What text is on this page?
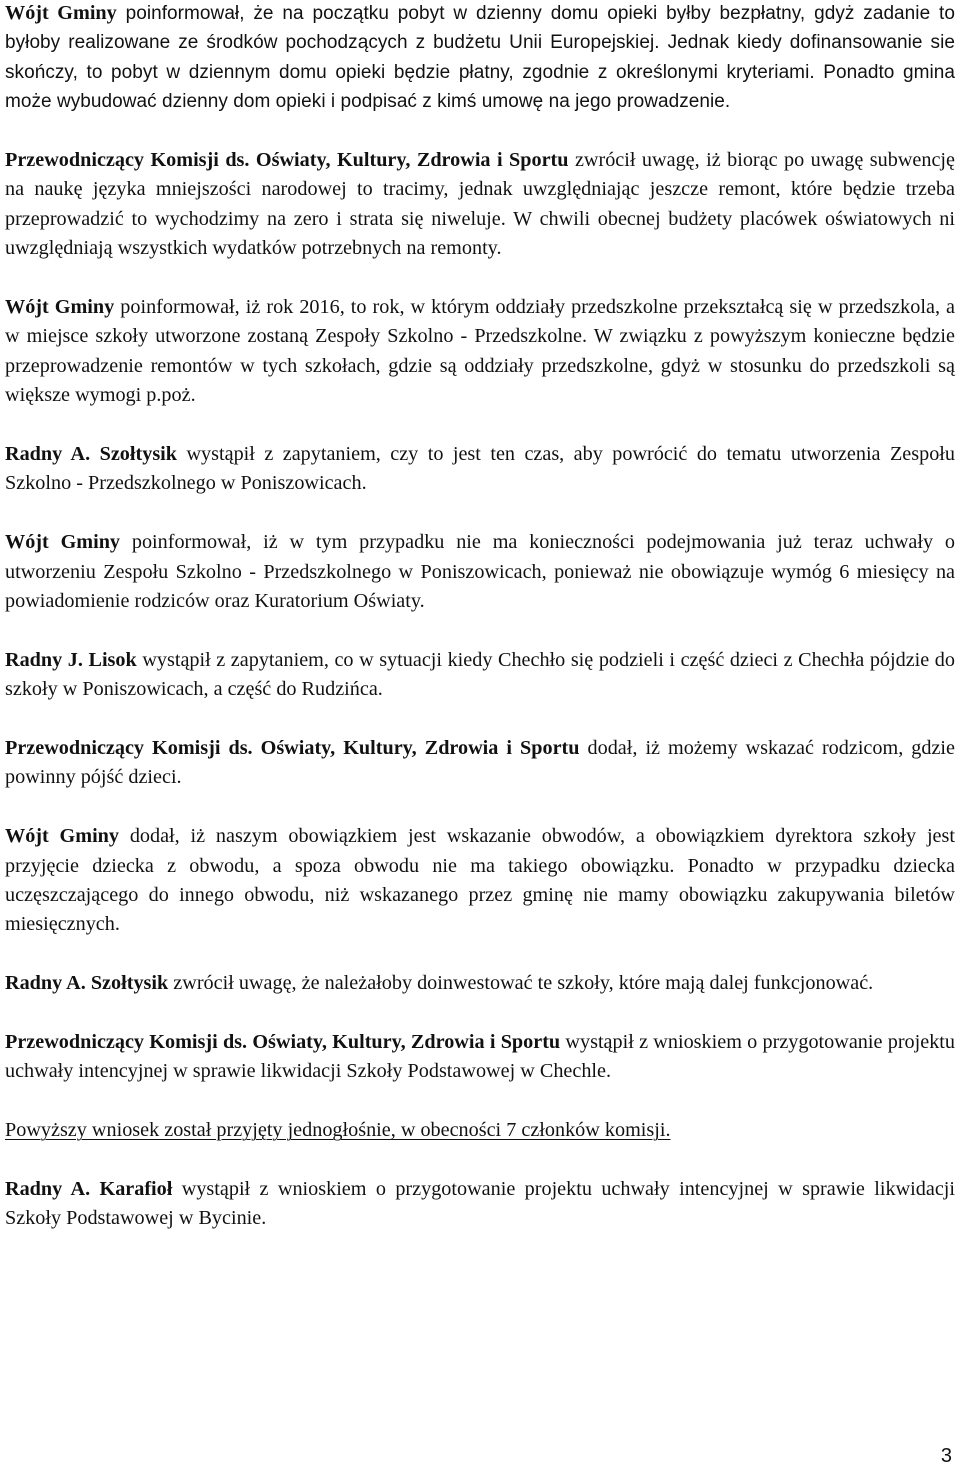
Wójt Gminy poinformował, że na początku pobyt w dzienny domu opieki byłby bezpłatny, gdyż zadanie to byłoby realizowane ze środków pochodzących z budżetu Unii Europejskiej. Jednak kiedy dofinansowanie sie skończy, to pobyt w dziennym domu opieki będzie płatny, zgodnie z określonymi kryteriami. Ponadto gmina może wybudować dzienny dom opieki i podpisać z kimś umowę na jego prowadzenie.

Przewodniczący Komisji ds. Oświaty, Kultury, Zdrowia i Sportu zwrócił uwagę, iż biorąc po uwagę subwencję na naukę języka mniejszości narodowej to tracimy, jednak uwzględniając jeszcze remont, które będzie trzeba przeprowadzić to wychodzimy na zero i strata się niweluje. W chwili obecnej budżety placówek oświatowych ni uwzględniają wszystkich wydatków potrzebnych na remonty.

Wójt Gminy poinformował, iż rok 2016, to rok, w którym oddziały przedszkolne przekształcą się w przedszkola, a w miejsce szkoły utworzone zostaną Zespoły Szkolno - Przedszkolne. W związku z powyższym konieczne będzie przeprowadzenie remontów w tych szkołach, gdzie są oddziały przedszkolne, gdyż w stosunku do przedszkoli są większe wymogi p.poż.

Radny A. Szołtysik wystąpił z zapytaniem, czy to jest ten czas, aby powrócić do tematu utworzenia Zespołu Szkolno - Przedszkolnego w Poniszowicach.

Wójt Gminy poinformował, iż w tym przypadku nie ma konieczności podejmowania już teraz uchwały o utworzeniu Zespołu Szkolno - Przedszkolnego w Poniszowicach, ponieważ nie obowiązuje wymóg 6 miesięcy na powiadomienie rodziców oraz Kuratorium Oświaty.

Radny J. Lisok wystąpił z zapytaniem, co w sytuacji kiedy Chechło się podzieli i część dzieci z Chechła pójdzie do szkoły w Poniszowicach, a część do Rudzińca.

Przewodniczący Komisji ds. Oświaty, Kultury, Zdrowia i Sportu dodał, iż możemy wskazać rodzicom, gdzie powinny pójść dzieci.

Wójt Gminy dodał, iż naszym obowiązkiem jest wskazanie obwodów, a obowiązkiem dyrektora szkoły jest przyjęcie dziecka z obwodu, a spoza obwodu nie ma takiego obowiązku. Ponadto w przypadku dziecka uczęszczającego do innego obwodu, niż wskazanego przez gminę nie mamy obowiązku zakupywania biletów miesięcznych.

Radny A. Szołtysik zwrócił uwagę, że należałoby doinwestować te szkoły, które mają dalej funkcjonować.

Przewodniczący Komisji ds. Oświaty, Kultury, Zdrowia i Sportu wystąpił z wnioskiem o przygotowanie projektu uchwały intencyjnej w sprawie likwidacji Szkoły Podstawowej w Chechle.

Powyższy wniosek został przyjęty jednogłośnie, w obecności 7 członków komisji.

Radny A. Karafioł wystąpił z wnioskiem o przygotowanie projektu uchwały intencyjnej w sprawie likwidacji Szkoły Podstawowej w Bycinie.

3
